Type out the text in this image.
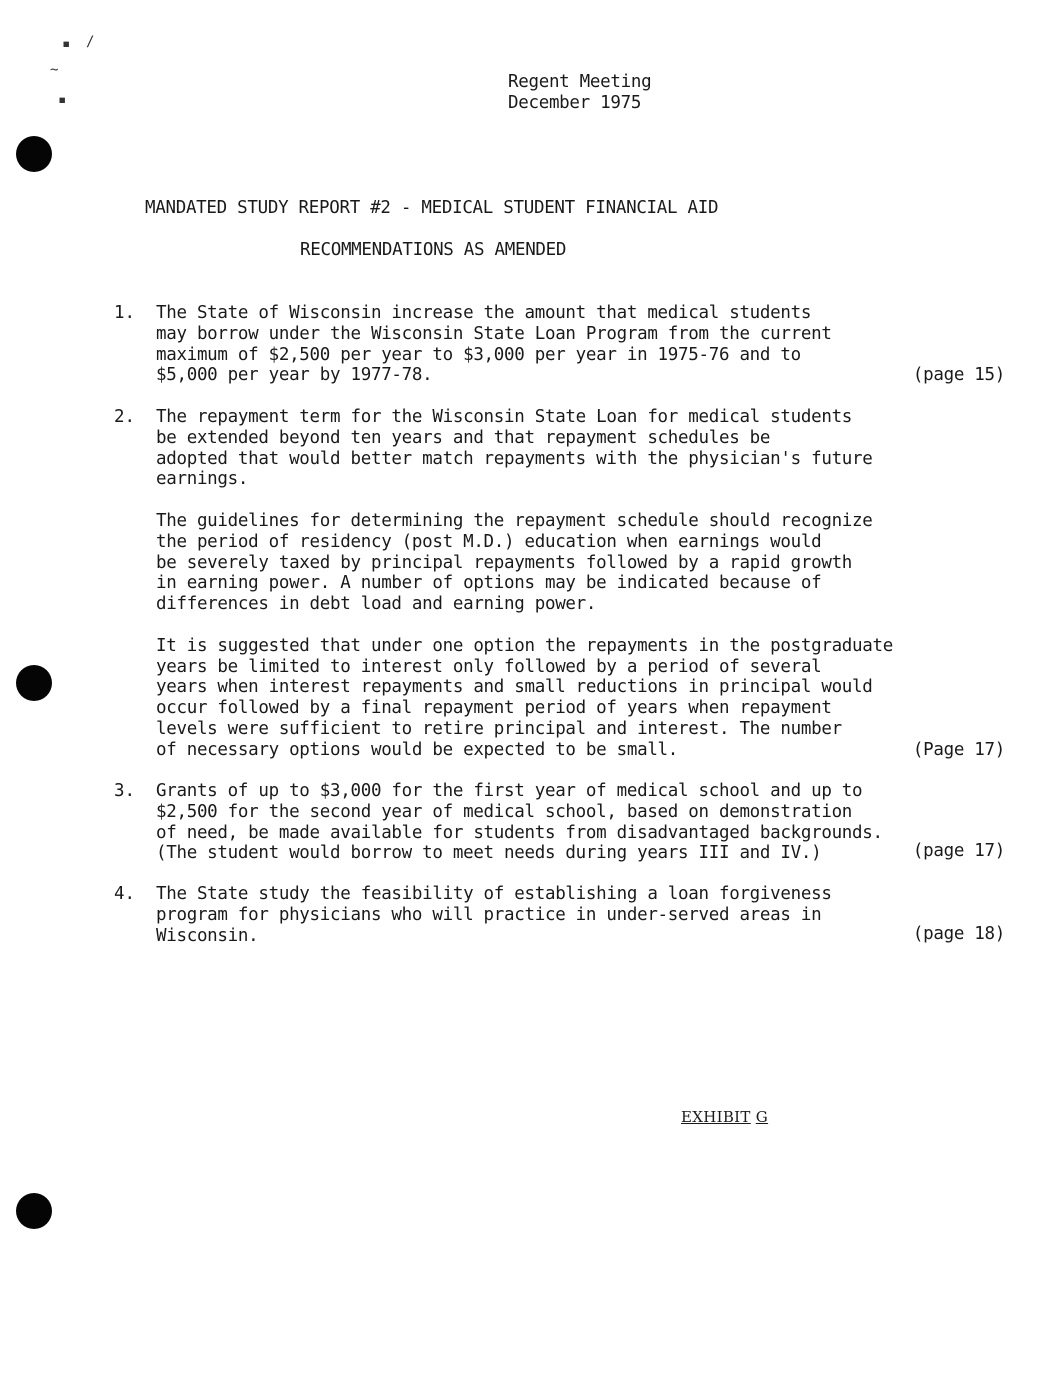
▪ /
~
▪
Regent Meeting
December 1975
MANDATED STUDY REPORT #2 - MEDICAL STUDENT FINANCIAL AID
RECOMMENDATIONS AS AMENDED
1. The State of Wisconsin increase the amount that medical students
may borrow under the Wisconsin State Loan Program from the current
maximum of $2,500 per year to $3,000 per year in 1975-76 and to
$5,000 per year by 1977-78.	(page 15)
2. The repayment term for the Wisconsin State Loan for medical students
be extended beyond ten years and that repayment schedules be
adopted that would better match repayments with the physician's future
earnings.
The guidelines for determining the repayment schedule should recognize
the period of residency (post M.D.) education when earnings would
be severely taxed by principal repayments followed by a rapid growth
in earning power. A number of options may be indicated because of
differences in debt load and earning power.
It is suggested that under one option the repayments in the postgraduate
years be limited to interest only followed by a period of several
years when interest repayments and small reductions in principal would
occur followed by a final repayment period of years when repayment
levels were sufficient to retire principal and interest. The number
of necessary options would be expected to be small.	(Page 17)
3. Grants of up to $3,000 for the first year of medical school and up to
$2,500 for the second year of medical school, based on demonstration
of need, be made available for students from disadvantaged backgrounds.
(The student would borrow to meet needs during years III and IV.)	(page 17)
4. The State study the feasibility of establishing a loan forgiveness
program for physicians who will practice in under-served areas in
Wisconsin.	(page 18)
EXHIBIT G
